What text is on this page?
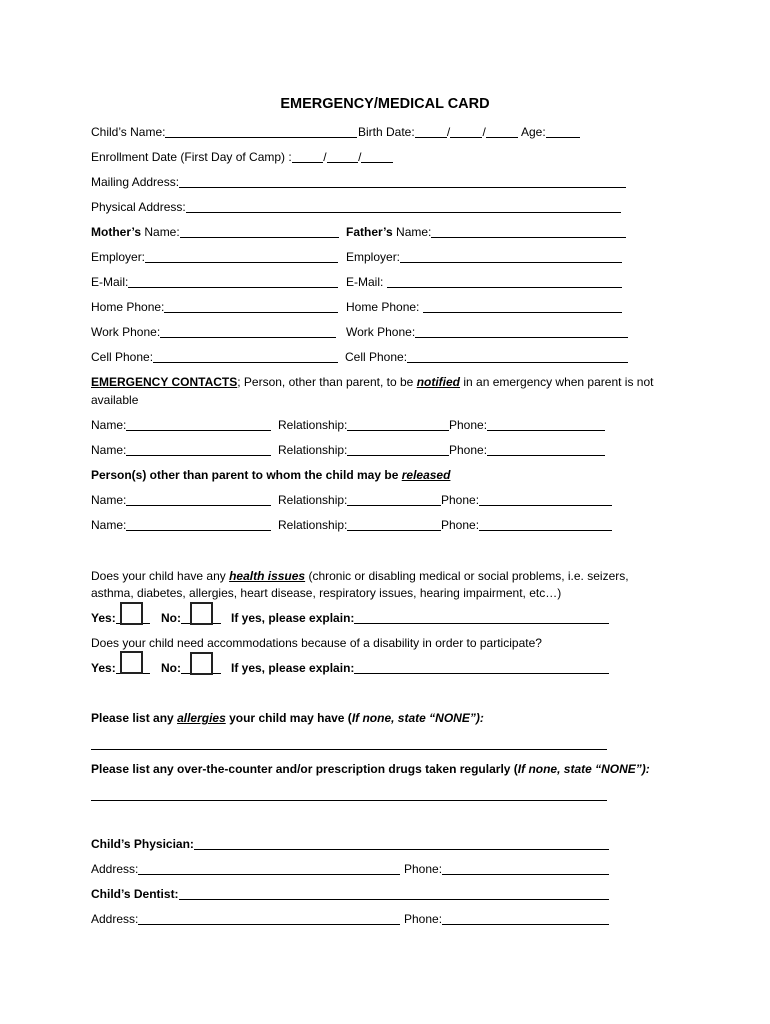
EMERGENCY/MEDICAL CARD
Child’s Name:	Birth Date:	/	/	Age:
Enrollment Date (First Day of Camp) :	/	/
Mailing Address:
Physical Address:
Mother’s Name:	Father’s Name:
Employer:	Employer:
E-Mail:	E-Mail:
Home Phone:	Home Phone:
Work Phone:	Work Phone:
Cell Phone:	Cell Phone:
EMERGENCY CONTACTS ; Person, other than parent, to be notified in an emergency when parent is not
available
Name:	Relationship:	Phone:
Name:	Relationship:	Phone:
Person(s) other than parent to whom the child may be released
Name:	Relationship:	Phone:
Name:	Relationship:	Phone:
Does your child have any health issues (chronic or disabling medical or social problems, i.e. seizers,
asthma, diabetes, allergies, heart disease, respiratory issues, hearing impairment, etc…)
Yes:	No:	If yes, please explain:
Does your child need accommodations because of a disability in order to participate?
Yes:	No:	If yes, please explain:
Please list any allergies your child may have ( If none, state “NONE”):
Please list any over-the-counter and/or prescription drugs taken regularly ( If none, state “NONE”):
Child’s Physician:
Address:	Phone:
Child’s Dentist:
Address:	Phone:
